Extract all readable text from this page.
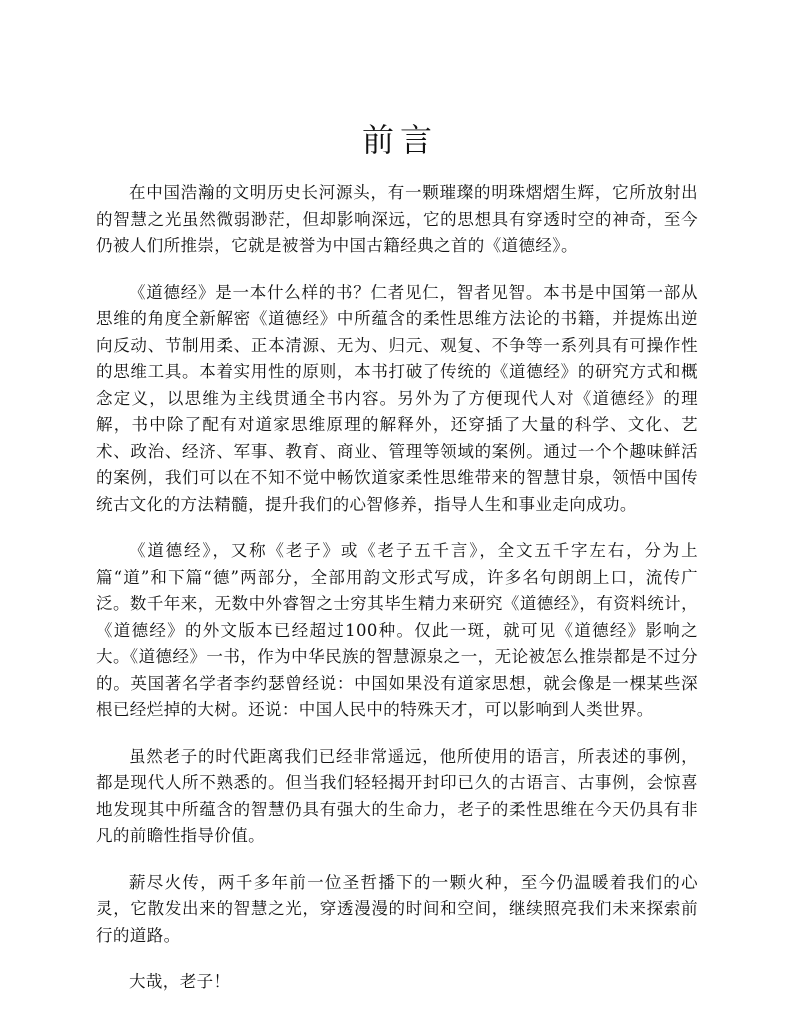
前言

在中国浩瀚的文明历史长河源头，有一颗璀璨的明珠熠熠生辉，它所放射出的智慧之光虽然微弱渺茫，但却影响深远，它的思想具有穿透时空的神奇，至今仍被人们所推崇，它就是被誉为中国古籍经典之首的《道德经》。

《道德经》是一本什么样的书？仁者见仁，智者见智。本书是中国第一部从思维的角度全新解密《道德经》中所蕴含的柔性思维方法论的书籍，并提炼出逆向反动、节制用柔、正本清源、无为、归元、观复、不争等一系列具有可操作性的思维工具。本着实用性的原则，本书打破了传统的《道德经》的研究方式和概念定义，以思维为主线贯通全书内容。另外为了方便现代人对《道德经》的理解，书中除了配有对道家思维原理的解释外，还穿插了大量的科学、文化、艺术、政治、经济、军事、教育、商业、管理等领域的案例。通过一个个趣味鲜活的案例，我们可以在不知不觉中畅饮道家柔性思维带来的智慧甘泉，领悟中国传统古文化的方法精髓，提升我们的心智修养，指导人生和事业走向成功。

《道德经》，又称《老子》或《老子五千言》，全文五千字左右，分为上篇“道”和下篇“德”两部分，全部用韵文形式写成，许多名句朗朗上口，流传广泛。数千年来，无数中外睿智之士穷其毕生精力来研究《道德经》，有资料统计，《道德经》的外文版本已经超过100种。仅此一斑，就可见《道德经》影响之大。《道德经》一书，作为中华民族的智慧源泉之一，无论被怎么推崇都是不过分的。英国著名学者李约瑟曾经说：中国如果没有道家思想，就会像是一棵某些深根已经烂掉的大树。还说：中国人民中的特殊天才，可以影响到人类世界。

虽然老子的时代距离我们已经非常遥远，他所使用的语言，所表述的事例，都是现代人所不熟悉的。但当我们轻轻揭开封印已久的古语言、古事例，会惊喜地发现其中所蕴含的智慧仍具有强大的生命力，老子的柔性思维在今天仍具有非凡的前瞻性指导价值。

薪尽火传，两千多年前一位圣哲播下的一颗火种，至今仍温暖着我们的心灵，它散发出来的智慧之光，穿透漫漫的时间和空间，继续照亮我们未来探索前行的道路。

大哉，老子！
